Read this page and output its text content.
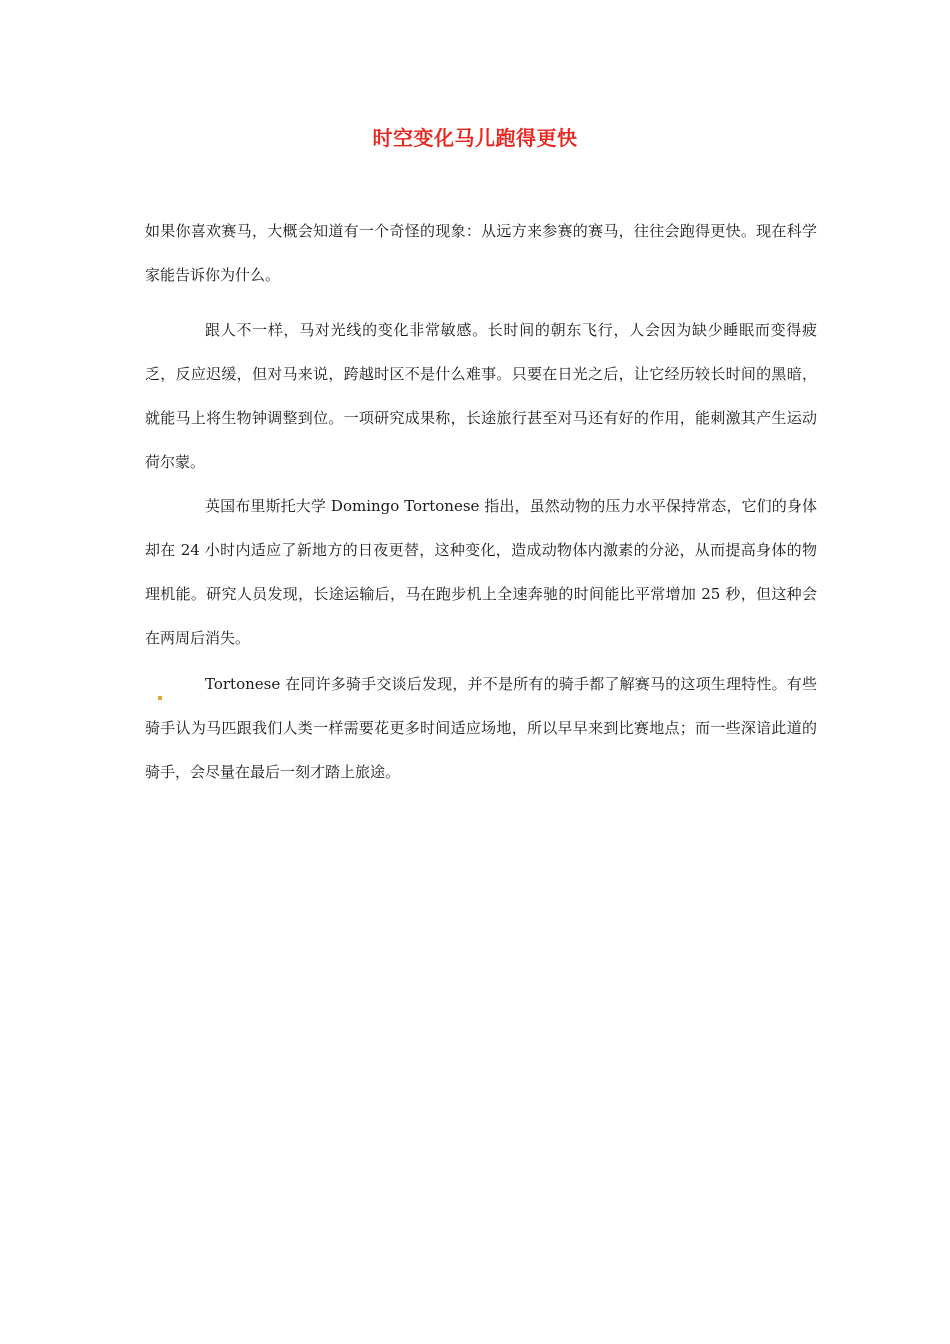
时空变化马儿跑得更快

如果你喜欢赛马，大概会知道有一个奇怪的现象：从远方来参赛的赛马，往往会跑得更快。现在科学家能告诉你为什么。

跟人不一样，马对光线的变化非常敏感。长时间的朝东飞行，人会因为缺少睡眠而变得疲乏，反应迟缓，但对马来说，跨越时区不是什么难事。只要在日光之后，让它经历较长时间的黑暗，就能马上将生物钟调整到位。一项研究成果称，长途旅行甚至对马还有好的作用，能刺激其产生运动荷尔蒙。

英国布里斯托大学 Domingo Tortonese 指出，虽然动物的压力水平保持常态，它们的身体却在 24 小时内适应了新地方的日夜更替，这种变化，造成动物体内激素的分泌，从而提高身体的物理机能。研究人员发现，长途运输后，马在跑步机上全速奔驰的时间能比平常增加 25 秒，但这种会在两周后消失。

Tortonese 在同许多骑手交谈后发现，并不是所有的骑手都了解赛马的这项生理特性。有些骑手认为马匹跟我们人类一样需要花更多时间适应场地，所以早早来到比赛地点；而一些深谙此道的骑手，会尽量在最后一刻才踏上旅途。
